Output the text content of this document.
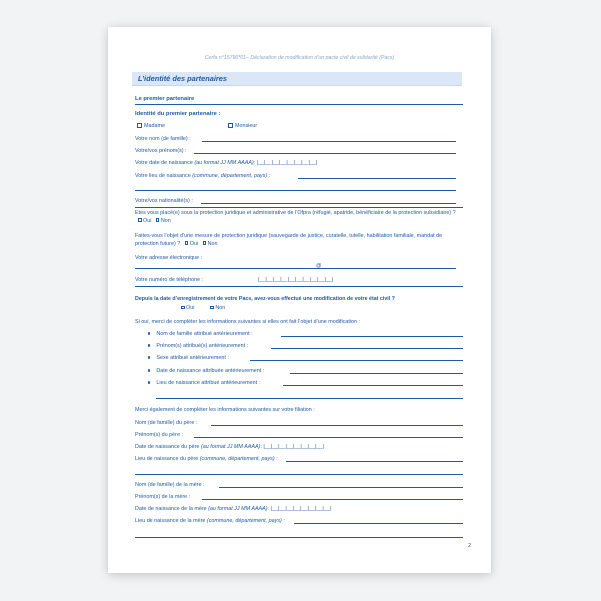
Cerfa n°15790*01– Déclaration de modification d’un pacte civil de solidarité (Pacs)
L’identité des partenaires
Le premier partenaire
Identité du premier partenaire :
Madame	Monsieur
Votre nom (de famille) :
Votre/vos prénom(s) :
Votre date de naissance (au format JJ MM AAAA): |__|__|__|__|__|__|__|__|
Votre lieu de naissance (commune, département, pays) :
Votre/vos nationalité(s) :
Etes vous placé(e) sous la protection juridique et administrative de l’Ofpra (réfugié, apatride, bénéficiaire de la protection subsidiaire) ? Oui Non
Faites-vous l’objet d’une mesure de protection juridique (sauvegarde de justice, curatelle, tutelle, habilitation familiale, mandat de protection future) ? Oui Non
Votre adresse électronique :
@
Votre numéro de téléphone :	|__|__|__|__|__|__|__|__|__|__|
Depuis la date d’enregistrement de votre Pacs, avez-vous effectué une modification de votre état civil ?
Oui	Non
Si oui, merci de compléter les informations suivantes si elles ont fait l’objet d’une modification :
Nom de famille attribué antérieurement :
Prénom(s) attribué(s) antérieurement :
Sexe attribué antérieurement :
Date de naissance attribuée antérieurement :
Lieu de naissance attribué antérieurement :
Merci également de compléter les informations suivantes sur votre filiation :
Nom (de famille) du père :
Prénom(s) du père :
Date de naissance du père (au format JJ MM AAAA): |__|__|__|__|__|__|__|__|
Lieu de naissance du père (commune, département, pays) :
Nom (de famille) de la mère :
Prénom(s) de la mère :
Date de naissance de la mère (au format JJ MM AAAA): |__|__|__|__|__|__|__|__|
Lieu de naissance de la mère (commune, département, pays) :
2
